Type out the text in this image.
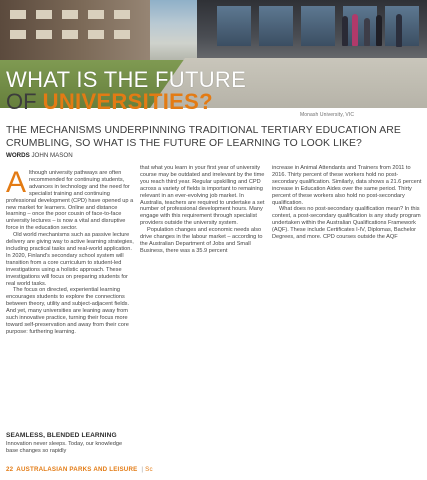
Monash University, VIC
WHAT IS THE FUTURE
OF UNIVERSITIES?
THE MECHANISMS UNDERPINNING TRADITIONAL TERTIARY EDUCATION ARE CRUMBLING, SO WHAT IS THE FUTURE OF LEARNING TO LOOK LIKE?
WORDS JOHN MASON

Although university pathways are often recommended for continuing students, advances in technology and the need for specialist training and continuing professional development (CPD) have opened up a new market for learners. Online and distance learning – once the poor cousin of face-to-face university lectures – is now a vital and disruptive force in the education sector.

Old world mechanisms such as passive lecture delivery are giving way to active learning strategies, including practical tasks and real-world application. In 2020, Finland's secondary school system will transition from a core curriculum to student-led investigations using a holistic approach. These investigations will focus on preparing students for real world tasks.

The focus on directed, experiential learning encourages students to explore the connections between theory, utility and subject-adjacent fields. And yet, many universities are leaning away from such innovative practice, turning their focus more toward self-preservation and away from their core purpose: furthering learning.

SEAMLESS, BLENDED LEARNING
Innovation never sleeps. Today, our knowledge base changes so rapidly

that what you learn in your first year of university course may be outdated and irrelevant by the time you reach third year. Regular upskilling and CPD across a variety of fields is important to remaining relevant in an ever-evolving job market. In Australia, teachers are required to undertake a set number of professional development hours. Many engage with this requirement through specialist providers outside the university system.

Population changes and economic needs also drive changes in the labour market – according to the Australian Department of Jobs and Small Business, there was a 35.9 percent

increase in Animal Attendants and Trainers from 2011 to 2016. Thirty percent of these workers hold no post-secondary qualification. Similarly, data shows a 21.6 percent increase in Education Aides over the same period. Thirty percent of these workers also hold no post-secondary qualification.

What does no post-secondary qualification mean? In this context, a post-secondary qualification is any study program undertaken within the Australian Qualifications Framework (AQF). These include Certificates I-IV, Diplomas, Bachelor Degrees, and more. CPD courses outside the AQF

22 AUSTRALASIAN PARKS AND LEISURE | Sc
